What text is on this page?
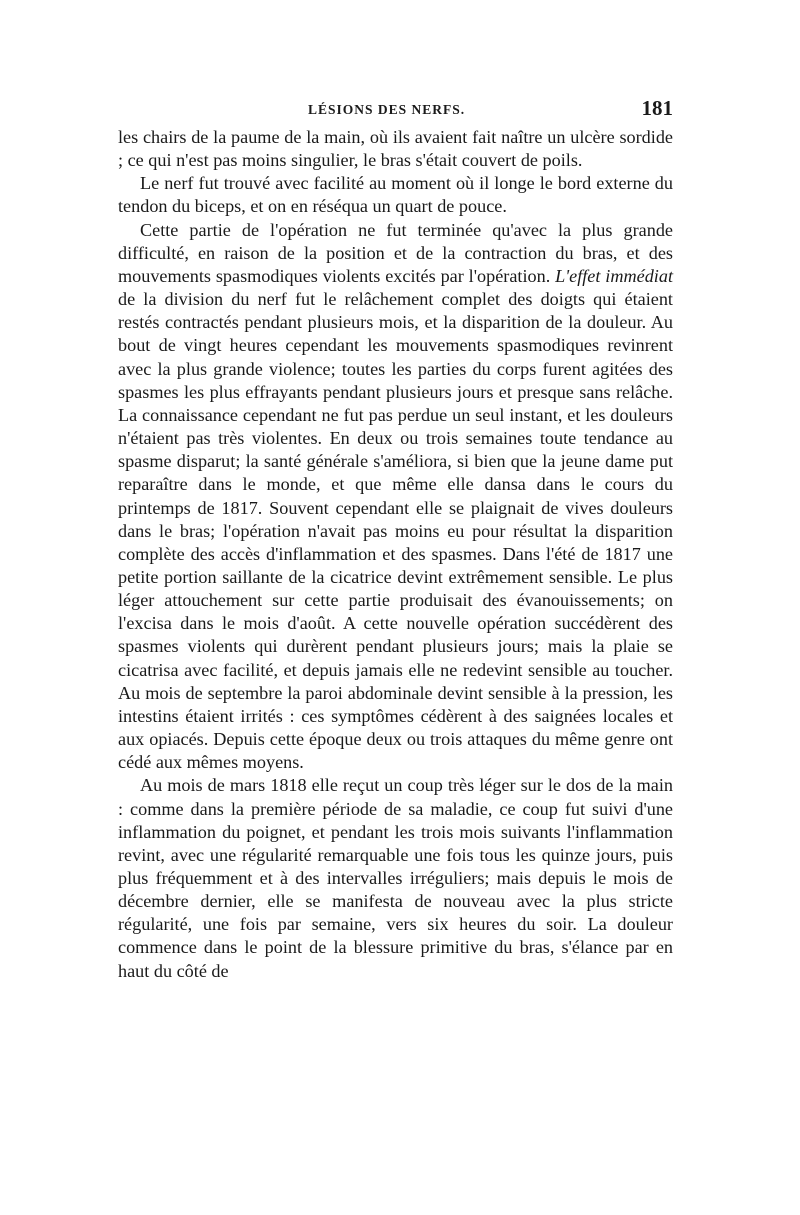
LÉSIONS DES NERFS.	181

les chairs de la paume de la main, où ils avaient fait naître un ulcère sordide ; ce qui n'est pas moins singulier, le bras s'était couvert de poils.

Le nerf fut trouvé avec facilité au moment où il longe le bord externe du tendon du biceps, et on en réséqua un quart de pouce.

Cette partie de l'opération ne fut terminée qu'avec la plus grande difficulté, en raison de la position et de la contraction du bras, et des mouvements spasmodiques violents excités par l'opération. L'effet immédiat de la division du nerf fut le relâchement complet des doigts qui étaient restés contractés pendant plusieurs mois, et la disparition de la douleur. Au bout de vingt heures cependant les mouvements spasmodiques revinrent avec la plus grande violence; toutes les parties du corps furent agitées des spasmes les plus effrayants pendant plusieurs jours et presque sans relâche. La connaissance cependant ne fut pas perdue un seul instant, et les douleurs n'étaient pas très violentes. En deux ou trois semaines toute tendance au spasme disparut; la santé générale s'améliora, si bien que la jeune dame put reparaître dans le monde, et que même elle dansa dans le cours du printemps de 1817. Souvent cependant elle se plaignait de vives douleurs dans le bras; l'opération n'avait pas moins eu pour résultat la disparition complète des accès d'inflammation et des spasmes. Dans l'été de 1817 une petite portion saillante de la cicatrice devint extrêmement sensible. Le plus léger attouchement sur cette partie produisait des évanouissements; on l'excisa dans le mois d'août. A cette nouvelle opération succédèrent des spasmes violents qui durèrent pendant plusieurs jours; mais la plaie se cicatrisa avec facilité, et depuis jamais elle ne redevint sensible au toucher. Au mois de septembre la paroi abdominale devint sensible à la pression, les intestins étaient irrités : ces symptômes cédèrent à des saignées locales et aux opiacés. Depuis cette époque deux ou trois attaques du même genre ont cédé aux mêmes moyens.

Au mois de mars 1818 elle reçut un coup très léger sur le dos de la main : comme dans la première période de sa maladie, ce coup fut suivi d'une inflammation du poignet, et pendant les trois mois suivants l'inflammation revint, avec une régularité remarquable une fois tous les quinze jours, puis plus fréquemment et à des intervalles irréguliers; mais depuis le mois de décembre dernier, elle se manifesta de nouveau avec la plus stricte régularité, une fois par semaine, vers six heures du soir. La douleur commence dans le point de la blessure primitive du bras, s'élance par en haut du côté de
